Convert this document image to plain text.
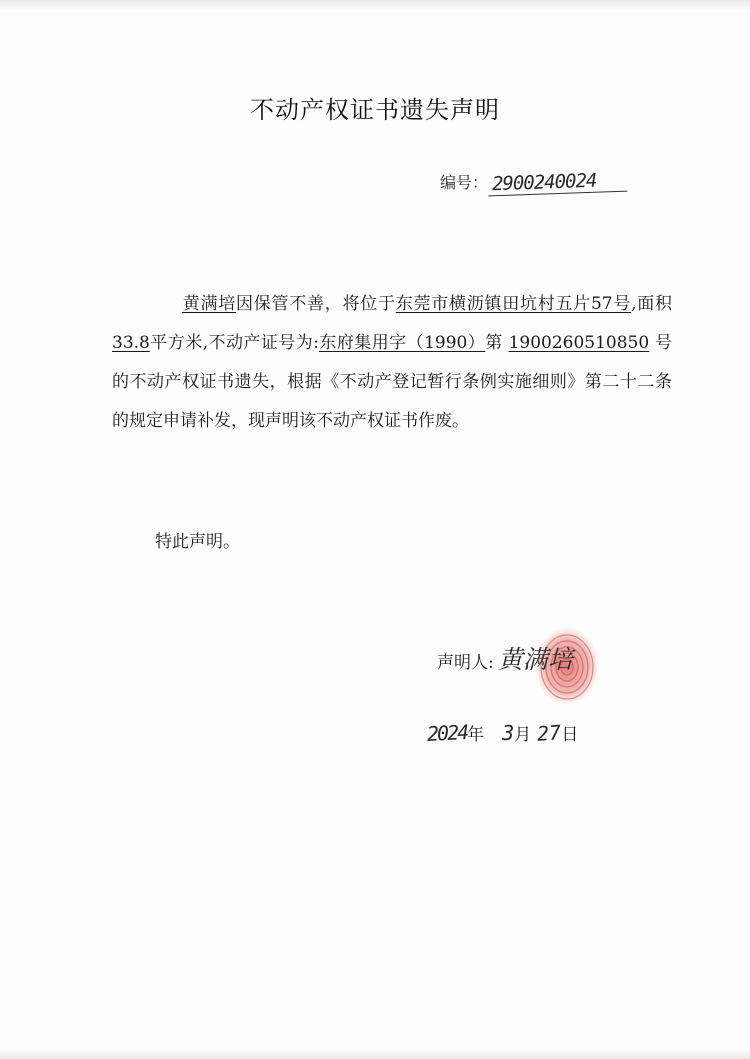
不动产权证书遗失声明
编号： 2900240024
黄满培因保管不善，将位于东莞市横沥镇田坑村五片57号,面积33.8平方米,不动产证号为:东府集用字（1990）第 1900260510850 号的不动产权证书遗失，根据《不动产登记暂行条例实施细则》第二十二条的规定申请补发，现声明该不动产权证书作废。
特此声明。
声明人: 黄满培
2024年 3月 27日
